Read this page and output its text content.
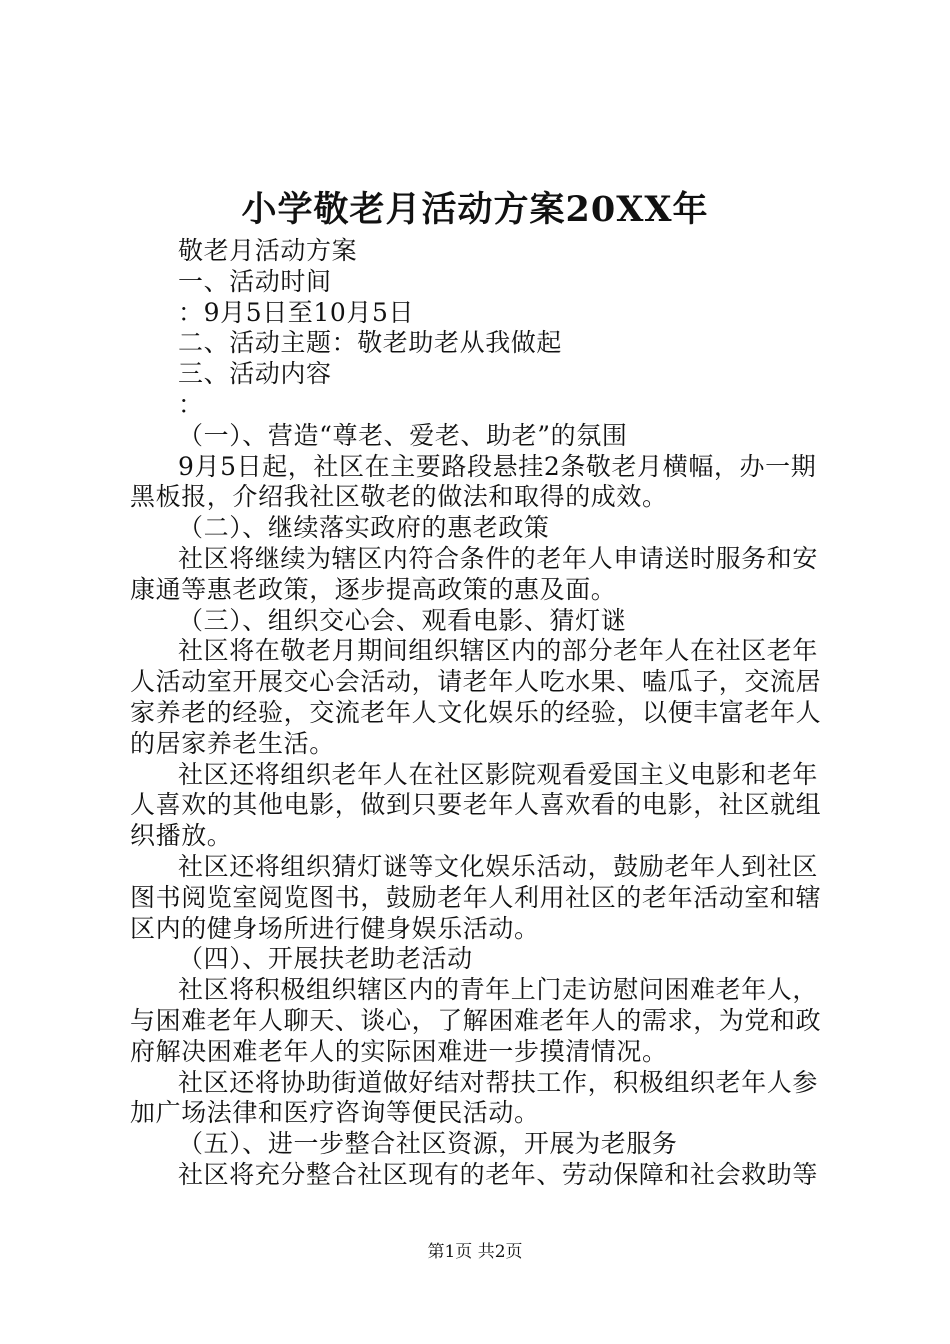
小学敬老月活动方案20XX年
敬老月活动方案
一、活动时间
：9月5日至10月5日
二、活动主题：敬老助老从我做起
三、活动内容
：
（一）、营造“尊老、爱老、助老”的氛围
9月5日起，社区在主要路段悬挂2条敬老月横幅，办一期
黑板报，介绍我社区敬老的做法和取得的成效。
（二）、继续落实政府的惠老政策
社区将继续为辖区内符合条件的老年人申请送时服务和安
康通等惠老政策，逐步提高政策的惠及面。
（三）、组织交心会、观看电影、猜灯谜
社区将在敬老月期间组织辖区内的部分老年人在社区老年
人活动室开展交心会活动，请老年人吃水果、嗑瓜子，交流居
家养老的经验，交流老年人文化娱乐的经验，以便丰富老年人
的居家养老生活。
社区还将组织老年人在社区影院观看爱国主义电影和老年
人喜欢的其他电影，做到只要老年人喜欢看的电影，社区就组
织播放。
社区还将组织猜灯谜等文化娱乐活动，鼓励老年人到社区
图书阅览室阅览图书，鼓励老年人利用社区的老年活动室和辖
区内的健身场所进行健身娱乐活动。
（四）、开展扶老助老活动
社区将积极组织辖区内的青年上门走访慰问困难老年人，
与困难老年人聊天、谈心，了解困难老年人的需求，为党和政
府解决困难老年人的实际困难进一步摸清情况。
社区还将协助街道做好结对帮扶工作，积极组织老年人参
加广场法律和医疗咨询等便民活动。
（五）、进一步整合社区资源，开展为老服务
社区将充分整合社区现有的老年、劳动保障和社会救助等
第1页 共2页
